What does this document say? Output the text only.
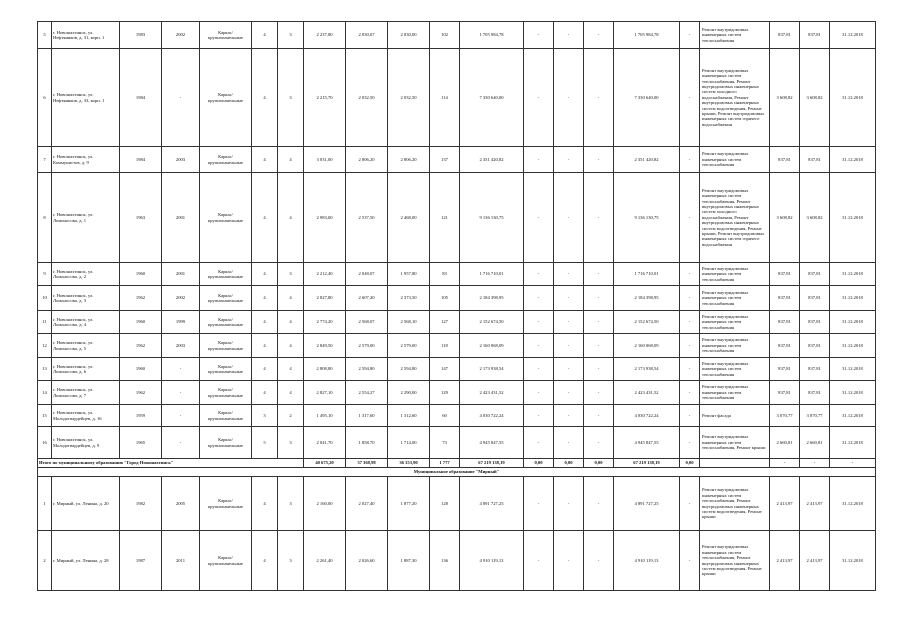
5	г. Новошахтинск, ул. Нефтяников, д. 31, корп. 1	1983	2002	Каркас/ крупнопанельные	4	3	2 237,80	2 030,07	2 030,00	102	1 705 984,78	-	-	-	1 705 984,78	-	Ремонт внутридомовых инженерных систем теплоснабжения	837,81	837,81	31.12.2018
6	г. Новошахтинск, ул. Нефтяников, д. 33, корп. 1	1984	-	Каркас/ крупнопанельные	4	3	2 215,70	2 032,50	2 032,50	114	7 330 640,00	-	-	-	7 330 640,00	-	Ремонт внутридомовых инженерных систем теплоснабжения, Ремонт внутридомовых инженерных систем холодного водоснабжения, Ремонт внутридомовых инженерных систем водоотведения, Ремонт крыши, Ремонт внутридомовых инженерных систем горячего водоснабжения	3 608,82	3 608,82	31.12.2018
7	г. Новошахтинск, ул. Коммунистов, д. 9	1984	2003	Каркас/ крупнопанельные	4	4	3 031,00	2 806,20	2 806,20	137	2 351 420,82	-	-	-	2 351 420,82	-	Ремонт внутридомовых инженерных систем теплоснабжения	837,81	837,81	31.12.2018
8	г. Новошахтинск, ул. Ломоносова, д. 1	1963	2001	Каркас/ крупнопанельные	4	4	2 983,00	2 537,50	2 468,00	121	9 136 130,75	-	-	-	9 136 130,75	-	Ремонт внутридомовых инженерных систем теплоснабжения, Ремонт внутридомовых инженерных систем холодного водоснабжения, Ремонт внутридомовых инженерных систем водоотведения, Ремонт крыши, Ремонт внутридомовых инженерных систем горячего водоснабжения	3 608,82	3 608,82	31.12.2018
9	г. Новошахтинск, ул. Ломоносова, д. 2	1960	2001	Каркас/ крупнопанельные	4	3	2 212,40	2 048,07	1 957,80	83	1 716 710,01	-	-	-	1 716 710,01	-	Ремонт внутридомовых инженерных систем теплоснабжения	837,81	837,81	31.12.2018
10	г. Новошахтинск, ул. Ломоносова, д. 3	1962	2002	Каркас/ крупнопанельные	4	4	2 827,80	2 607,20	2 373,50	105	2 184 398,95	-	-	-	2 184 398,95	-	Ремонт внутридомовых инженерных систем теплоснабжения	837,81	837,81	31.12.2018
11	г. Новошахтинск, ул. Ломоносова, д. 4	1960	1999	Каркас/ крупнопанельные	4	4	2 774,20	2 568,07	2 568,10	127	2 152 674,50	-	-	-	2 152 674,50	-	Ремонт внутридомовых инженерных систем теплоснабжения	837,81	837,81	31.12.2018
12	г. Новошахтинск, ул. Ломоносова, д. 5	1962	2003	Каркас/ крупнопанельные	4	4	2 849,50	2 579,00	2 579,00	118	2 160 068,09	-	-	-	2 160 068,09	-	Ремонт внутридомовых инженерных систем теплоснабжения	837,81	837,81	31.12.2018
13	г. Новошахтинск, ул. Ломоносова, д. 6	1960	-	Каркас/ крупнопанельные	4	4	2 808,80	2 594,80	2 594,80	147	2 173 938,54	-	-	-	2 173 938,54	-	Ремонт внутридомовых инженерных систем теплоснабжения	837,81	837,81	31.12.2018
14	г. Новошахтинск, ул. Ломоносова, д. 7	1962	-	Каркас/ крупнопанельные	4	4	2 827,10	2 554,27	2 290,00	129	2 423 431,52	-	-	-	2 423 431,52	-	Ремонт внутридомовых инженерных систем теплоснабжения	837,81	837,81	31.12.2018
15	г. Новошахтинск, ул. Молодогвардейцев, д. 16	1959	-	Каркас/ крупнопанельные	3	2	1 495,10	1 317,60	1 312,60	60	4 030 722,24	-	-	-	4 030 722,24	-	Ремонт фасада	3 070,77	3 070,77	31.12.2018
16	г. Новошахтинск, ул. Молодогвардейцев, д. 9	1965	-	Каркас/ крупнопанельные	5	3	2 041,70	1 858,70	1 714,00	73	4 945 847,55	-	-	-	4 945 847,55	-	Ремонт внутридомовых инженерных систем теплоснабжения, Ремонт крыши	2 660,81	2 660,81	31.12.2018
Итого по муниципальному образованию "Город Новошахтинск"							40 675,20	37 368,98	36 153,90	1 777	67 219 138,19	0,00	0,00	0,00	67 219 138,19	0,00		-	-	-
Муниципальное образование "Мирный"																				
1	г. Мирный, ул. Ленина, д. 20	1982	2005	Каркас/ крупнопанельные	4	3	2 160,00	2 027,40	1 877,20	128	4 891 727,25	-	-	-	4 891 727,25	-	Ремонт внутридомовых инженерных систем теплоснабжения, Ремонт внутридомовых инженерных систем водоотведения, Ремонт крыши	2 413,97	2 413,97	31.12.2018
2	г. Мирный, ул. Ленина, д. 28	1987	2011	Каркас/ крупнопанельные	4	3	2 261,40	2 026,60	1 887,30	136	4 910 119,13	-	-	-	4 910 119,13	-	Ремонт внутридомовых инженерных систем теплоснабжения, Ремонт внутридомовых инженерных систем водоотведения, Ремонт крыши	2 413,97	2 413,97	31.12.2018
